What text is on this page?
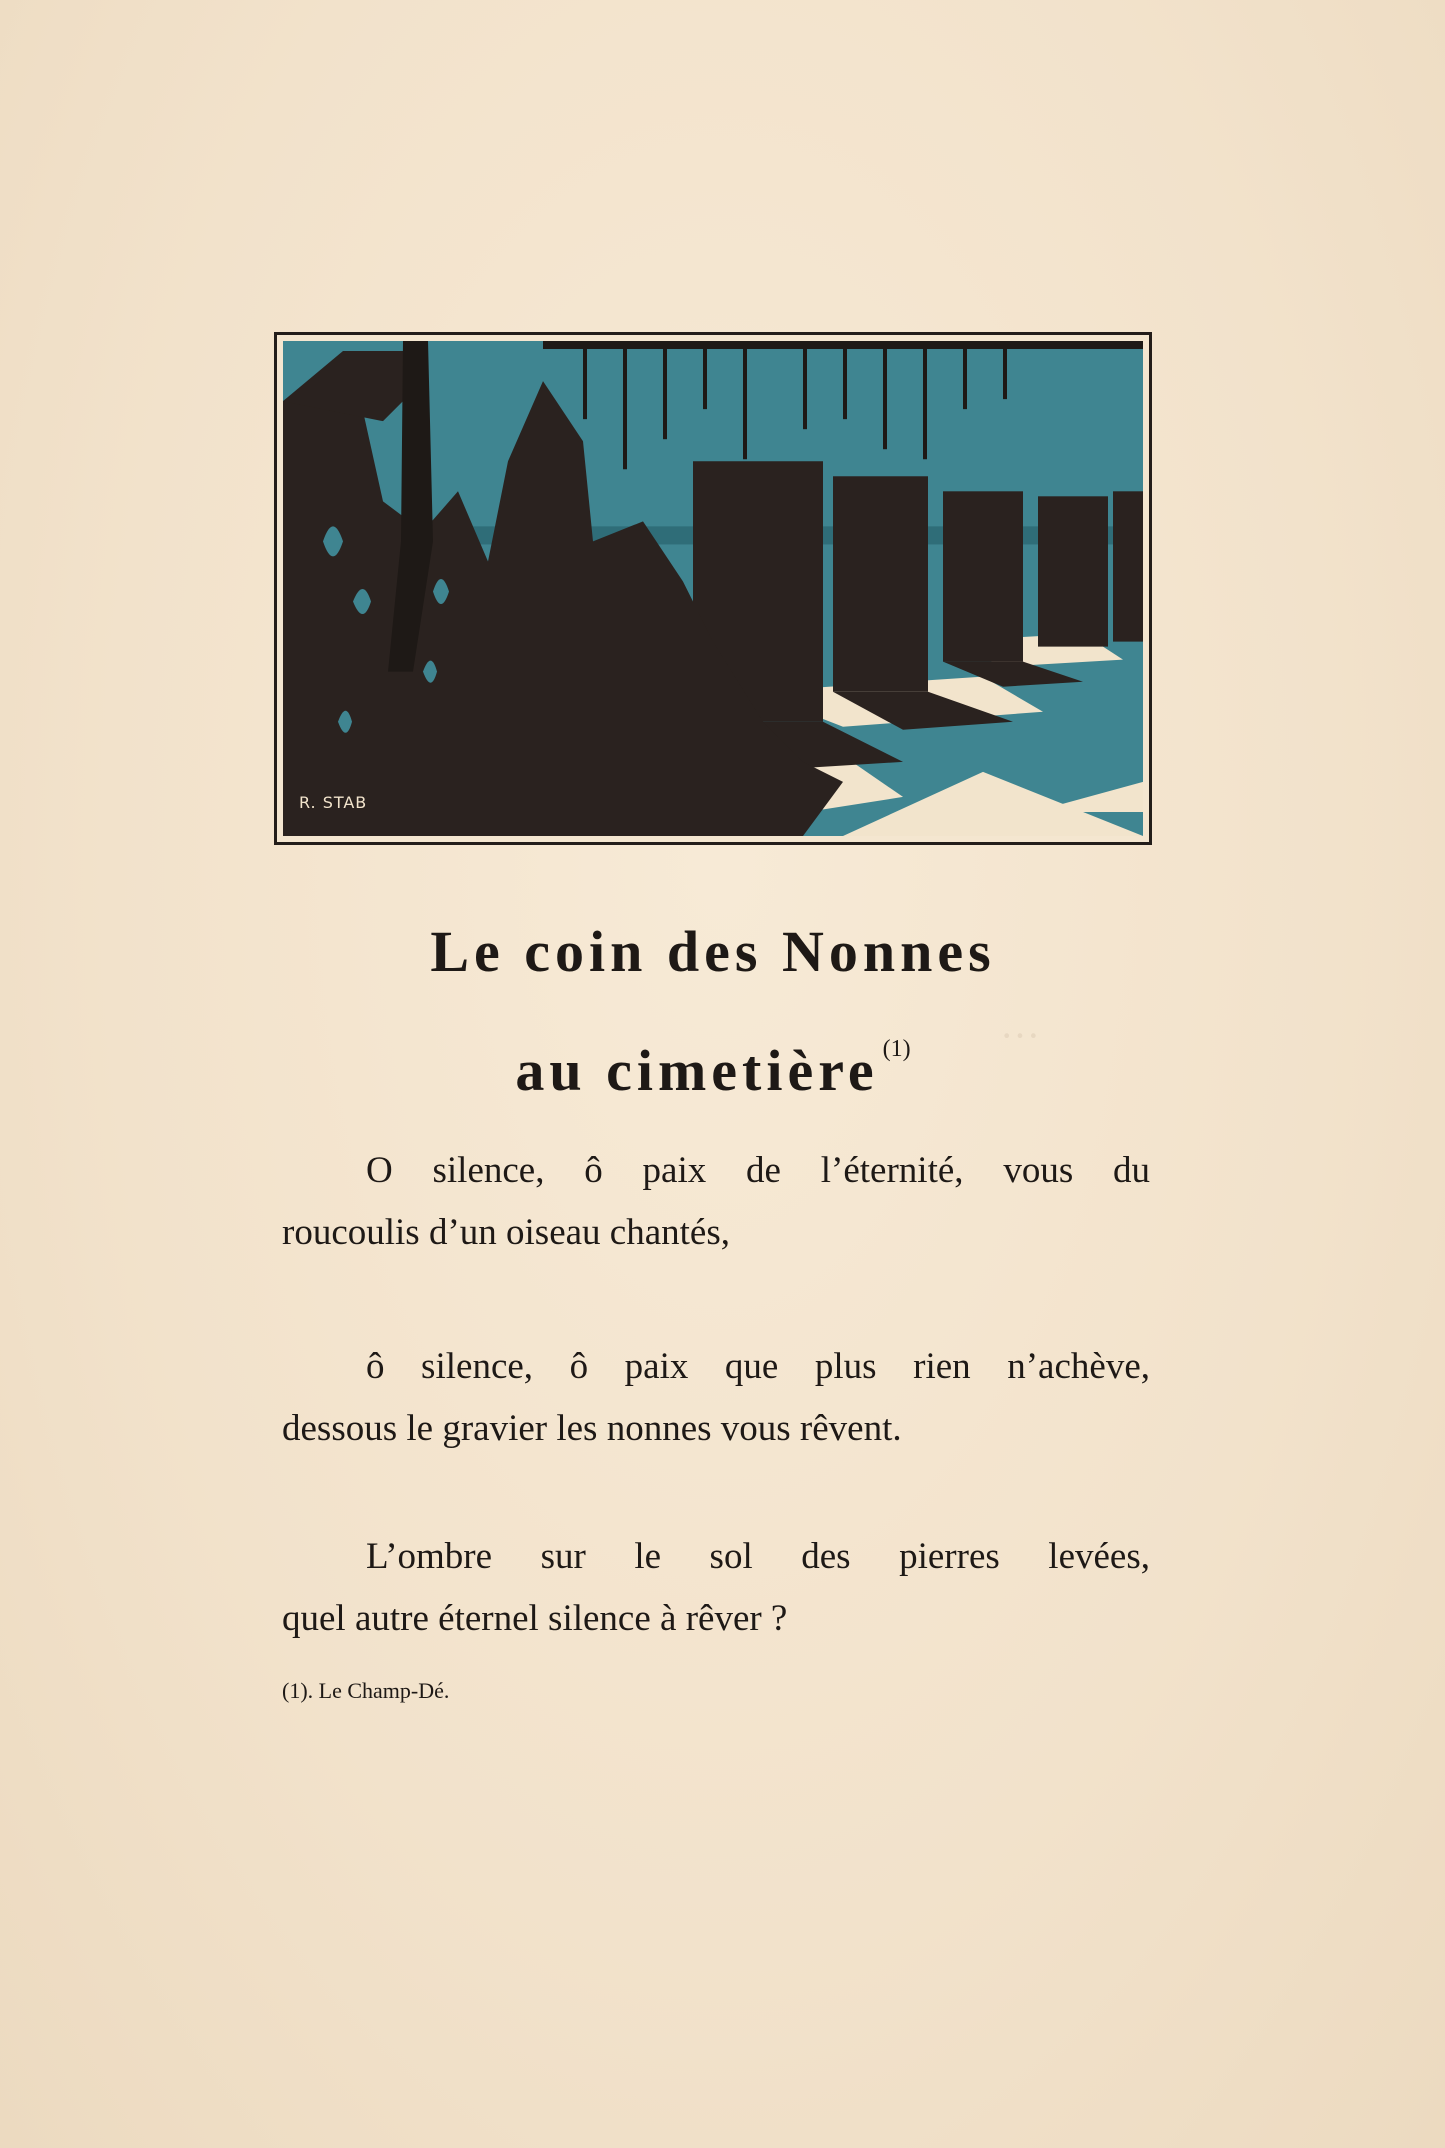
···
R. STAB
Le coin des Nonnes
au cimetière $^{(1)}$
O silence, ô paix de l’éternité, vous du
roucoulis d’un oiseau chantés,
ô silence, ô paix que plus rien n’achève,
dessous le gravier les nonnes vous rêvent.
L’ombre sur le sol des pierres levées,
quel autre éternel silence à rêver ?
(1). Le Champ-Dé.
